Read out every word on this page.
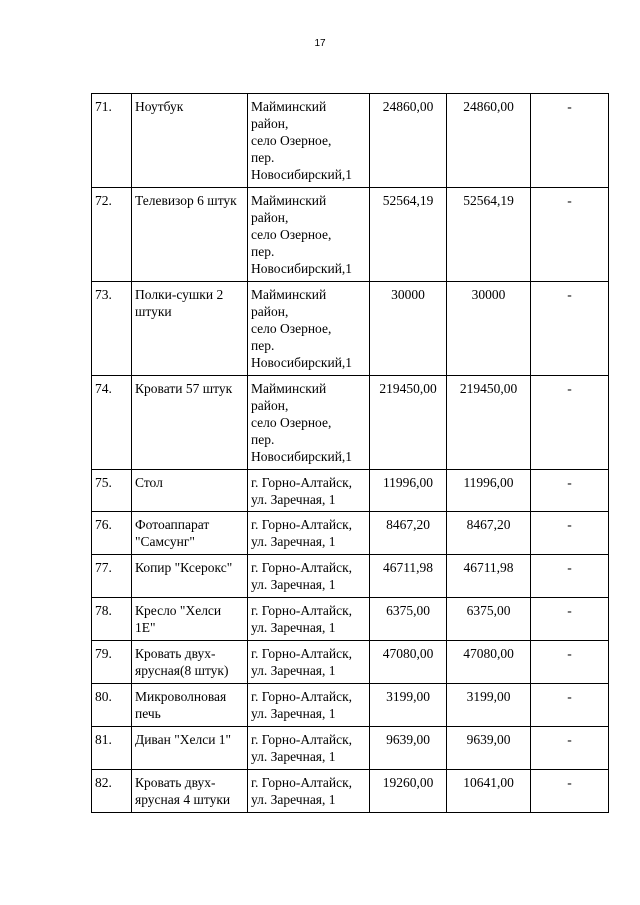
17
71.	Ноутбук	Майминский
район,
село Озерное,
пер.
Новосибирский,1	24860,00	24860,00	-
72.	Телевизор 6 штук	Майминский
район,
село Озерное,
пер.
Новосибирский,1	52564,19	52564,19	-
73.	Полки-сушки 2 штуки	Майминский
район,
село Озерное,
пер.
Новосибирский,1	30000	30000	-
74.	Кровати 57 штук	Майминский
район,
село Озерное,
пер.
Новосибирский,1	219450,00	219450,00	-
75.	Стол	г. Горно-Алтайск,
ул. Заречная, 1	11996,00	11996,00	-
76.	Фотоаппарат "Самсунг"	г. Горно-Алтайск,
ул. Заречная, 1	8467,20	8467,20	-
77.	Копир "Ксерокс"	г. Горно-Алтайск,
ул. Заречная, 1	46711,98	46711,98	-
78.	Кресло "Хелси 1Е"	г. Горно-Алтайск,
ул. Заречная, 1	6375,00	6375,00	-
79.	Кровать двух-ярусная(8 штук)	г. Горно-Алтайск,
ул. Заречная, 1	47080,00	47080,00	-
80.	Микроволновая печь	г. Горно-Алтайск,
ул. Заречная, 1	3199,00	3199,00	-
81.	Диван "Хелси 1"	г. Горно-Алтайск,
ул. Заречная, 1	9639,00	9639,00	-
82.	Кровать двух-ярусная 4 штуки	г. Горно-Алтайск,
ул. Заречная, 1	19260,00	10641,00	-
